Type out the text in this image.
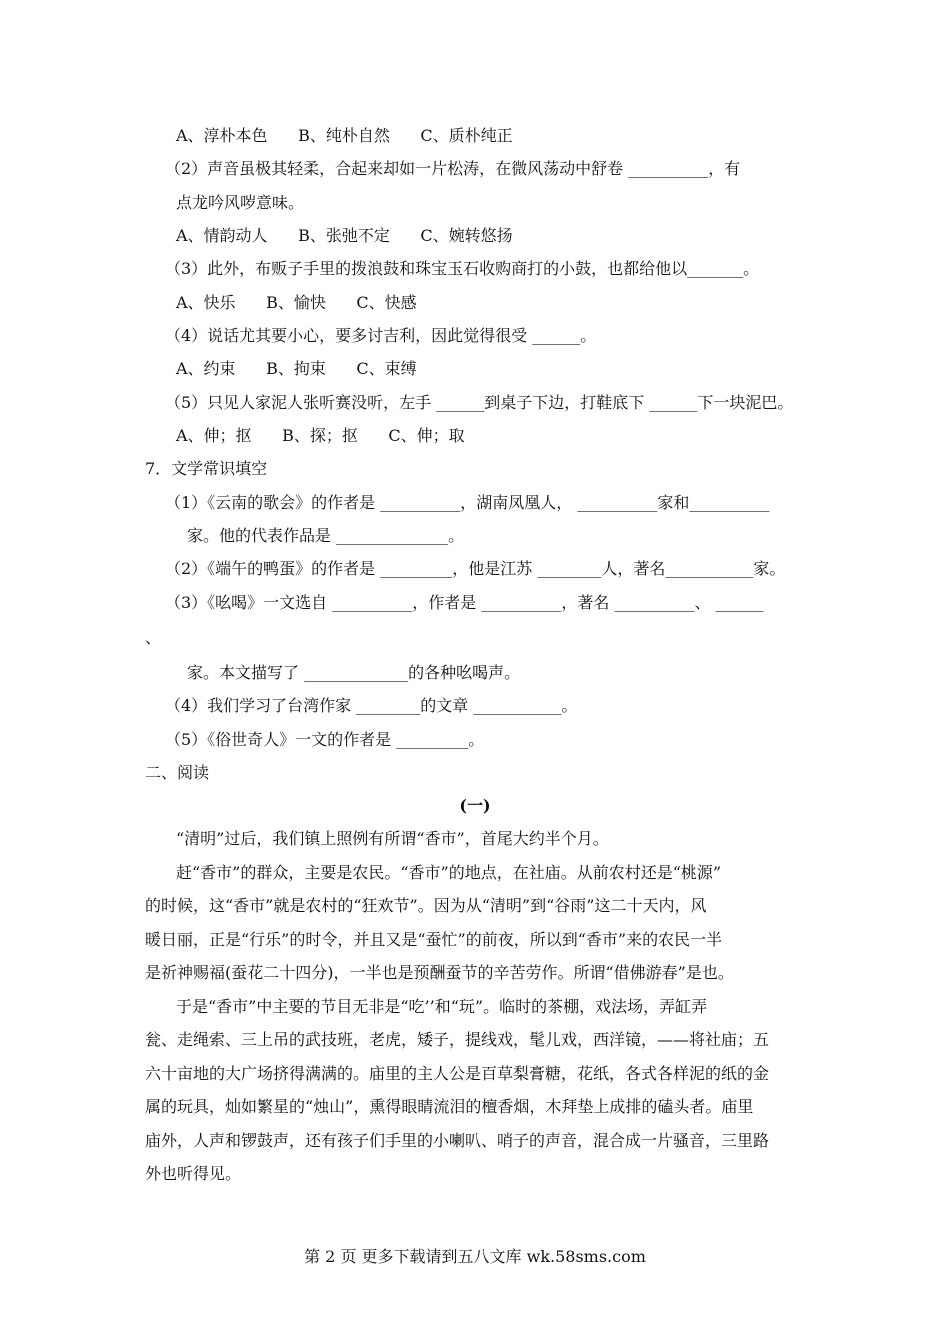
A、淳朴本色      B、纯朴自然      C、质朴纯正
（2）声音虽极其轻柔，合起来却如一片松涛，在微风荡动中舒卷 __________，有
点龙吟风哕意味。
A、情韵动人      B、张弛不定      C、婉转悠扬
（3）此外，布贩子手里的拨浪鼓和珠宝玉石收购商打的小鼓，也都给他以_______。
A、快乐      B、愉快      C、快感
（4）说话尤其要小心，要多讨吉利，因此觉得很受 ______。
A、约束      B、拘束      C、束缚
（5）只见人家泥人张听赛没听，左手 ______到桌子下边，打鞋底下 ______下一块泥巴。
A、伸；抠      B、探；抠      C、伸；取
7．文学常识填空
（1）《云南的歌会》的作者是 __________，湖南凤凰人， __________家和__________
家。他的代表作品是 ______________。
（2）《端午的鸭蛋》的作者是 _________，他是江苏 ________人，著名___________家。
（3）《吆喝》一文选自 __________，作者是 __________，著名 __________、 ______
、
家。本文描写了 _____________的各种吆喝声。
（4）我们学习了台湾作家 ________的文章 ___________。
（5）《俗世奇人》一文的作者是 _________。
二、阅读
(一)
“清明”过后，我们镇上照例有所谓“香市”，首尾大约半个月。
赶“香市”的群众，主要是农民。“香市”的地点，在社庙。从前农村还是“桃源”
的时候，这“香市”就是农村的“狂欢节”。因为从“清明”到“谷雨”这二十天内，风
暖日丽，正是“行乐”的时令，并且又是“蚕忙”的前夜，所以到“香市”来的农民一半
是祈神赐福(蚕花二十四分)，一半也是预酬蚕节的辛苦劳作。所谓“借佛游春”是也。
于是“香市”中主要的节目无非是“吃’’和“玩”。临时的茶棚，戏法场，弄缸弄
瓮、走绳索、三上吊的武技班，老虎，矮子，提线戏，髦儿戏，西洋镜，——将社庙；五
六十亩地的大广场挤得满满的。庙里的主人公是百草梨膏糖，花纸，各式各样泥的纸的金
属的玩具，灿如繁星的“烛山”，熏得眼睛流泪的檀香烟，木拜垫上成排的磕头者。庙里
庙外，人声和锣鼓声，还有孩子们手里的小喇叭、哨子的声音，混合成一片骚音，三里路
外也听得见。
第 2 页 更多下载请到五八文库 wk.58sms.com
